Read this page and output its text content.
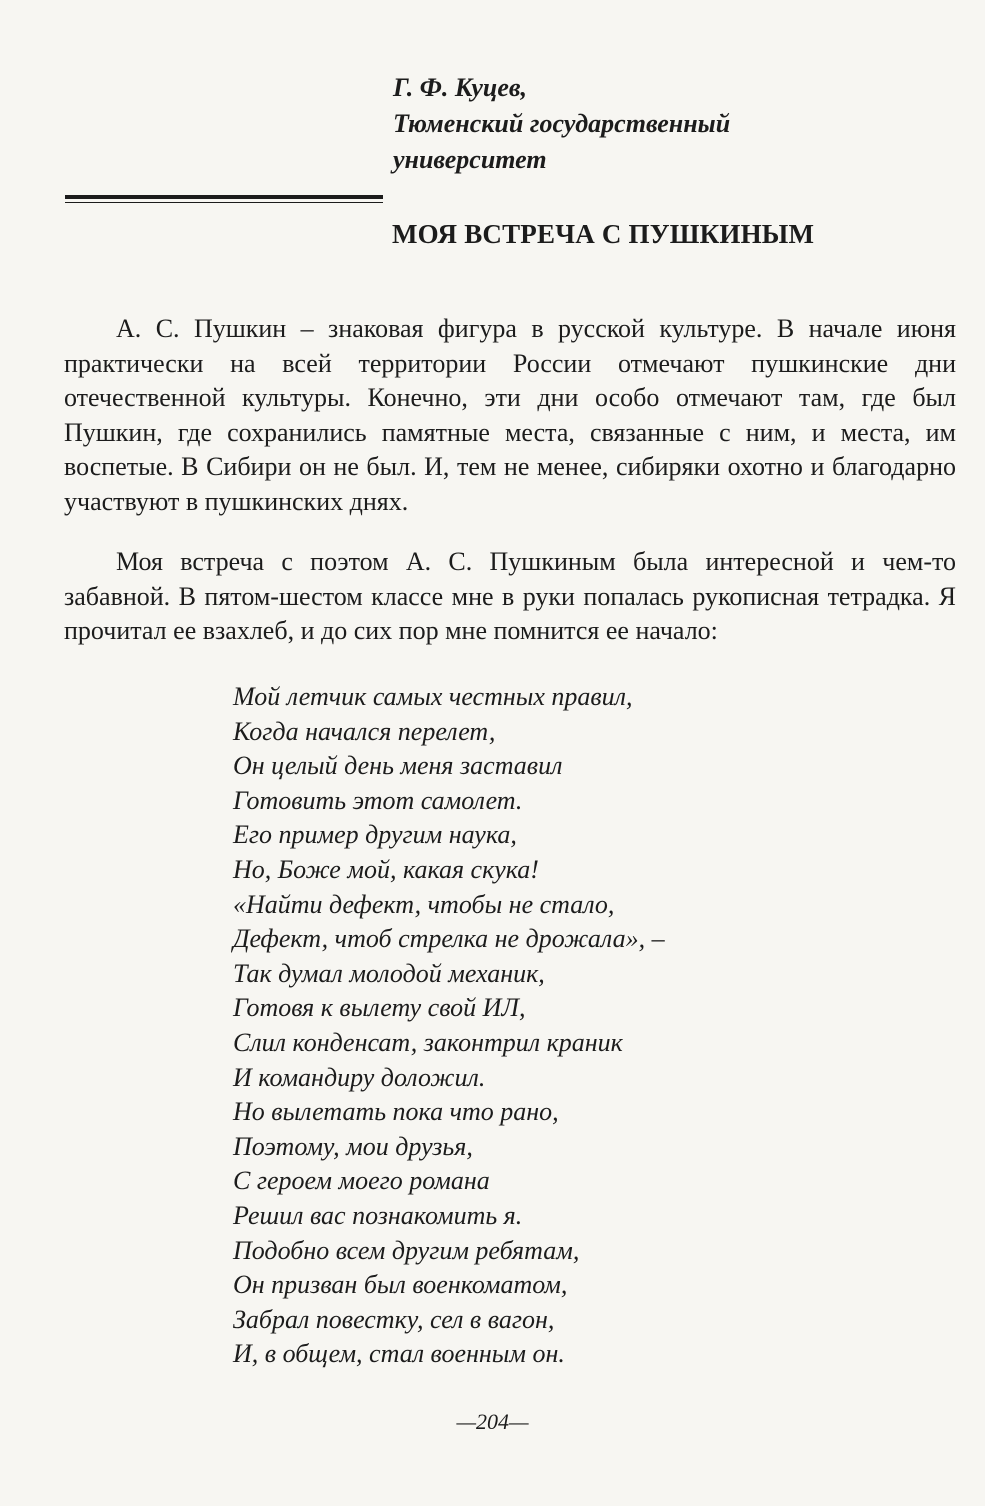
Г. Ф. Куцев,
Тюменский государственный
университет
МОЯ ВСТРЕЧА С ПУШКИНЫМ

А. С. Пушкин – знаковая фигура в русской культуре. В начале июня практически на всей территории России отмечают пушкинские дни отечественной культуры. Конечно, эти дни особо отмечают там, где был Пушкин, где сохранились памятные места, связанные с ним, и места, им воспетые. В Сибири он не был. И, тем не менее, сибиряки охотно и благодарно участвуют в пушкинских днях.

Моя встреча с поэтом А. С. Пушкиным была интересной и чем-то забавной. В пятом-шестом классе мне в руки попалась рукописная тетрадка. Я прочитал ее взахлеб, и до сих пор мне помнится ее начало:

Мой летчик самых честных правил,
Когда начался перелет,
Он целый день меня заставил
Готовить этот самолет.
Его пример другим наука,
Но, Боже мой, какая скука!
«Найти дефект, чтобы не стало,
Дефект, чтоб стрелка не дрожала», –
Так думал молодой механик,
Готовя к вылету свой ИЛ,
Слил конденсат, законтрил краник
И командиру доложил.
Но вылетать пока что рано,
Поэтому, мои друзья,
С героем моего романа
Решил вас познакомить я.
Подобно всем другим ребятам,
Он призван был военкоматом,
Забрал повестку, сел в вагон,
И, в общем, стал военным он.
—204—
